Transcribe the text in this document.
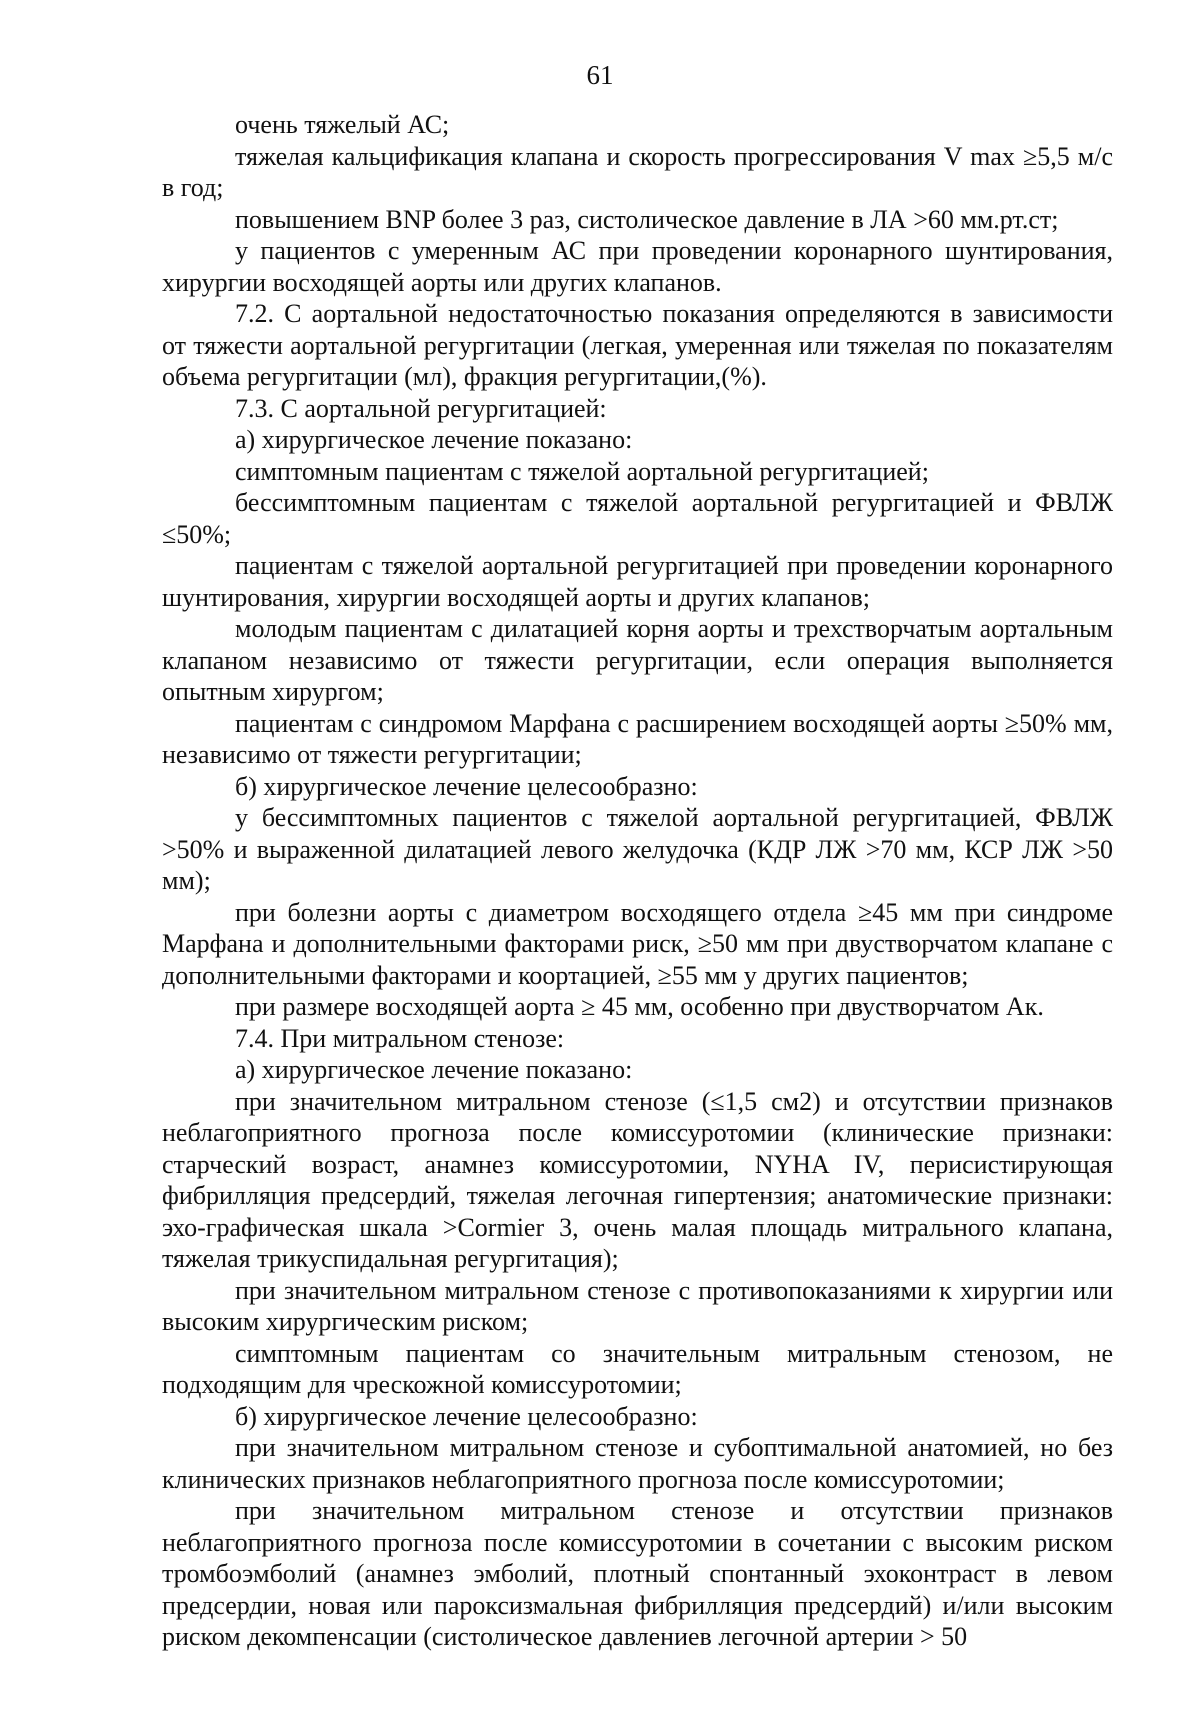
61

очень тяжелый АС;

тяжелая кальцификация клапана и скорость прогрессирования V max ≥5,5 м/с в год;

повышением BNP более 3 раз, систолическое давление в ЛА >60 мм.рт.ст;

у пациентов с умеренным АС при проведении коронарного шунтирования, хирургии восходящей аорты или других клапанов.

7.2. С аортальной недостаточностью показания определяются в зависимости от тяжести аортальной регургитации (легкая, умеренная или тяжелая по показателям объема регургитации (мл), фракция регургитации,(%).

7.3. С аортальной регургитацией:

а) хирургическое лечение показано:

симптомным пациентам с тяжелой аортальной регургитацией;

бессимптомным пациентам с тяжелой аортальной регургитацией и ФВЛЖ ≤50%;

пациентам с тяжелой аортальной регургитацией при проведении коронарного шунтирования, хирургии восходящей аорты и других клапанов;

молодым пациентам с дилатацией корня аорты и трехстворчатым аортальным клапаном независимо от тяжести регургитации, если операция выполняется опытным хирургом;

пациентам с синдромом Марфана с расширением восходящей аорты ≥50% мм, независимо от тяжести регургитации;

б) хирургическое лечение целесообразно:

у бессимптомных пациентов с тяжелой аортальной регургитацией, ФВЛЖ >50% и выраженной дилатацией левого желудочка (КДР ЛЖ >70 мм, КСР ЛЖ >50 мм);

при болезни аорты с диаметром восходящего отдела ≥45 мм при синдроме Марфана и дополнительными факторами риск, ≥50 мм при двустворчатом клапане с дополнительными факторами и коортацией, ≥55 мм у других пациентов;

при размере восходящей аорта ≥ 45 мм, особенно при двустворчатом Ак.

7.4. При митральном стенозе:

а) хирургическое лечение показано:

при значительном митральном стенозе (≤1,5 см2) и отсутствии признаков неблагоприятного прогноза после комиссуротомии (клинические признаки: старческий возраст, анамнез комиссуротомии, NYHA IV, перисистирующая фибрилляция предсердий, тяжелая легочная гипертензия; анатомические признаки: эхо-графическая шкала >Cormier 3, очень малая площадь митрального клапана, тяжелая трикуспидальная регургитация);

при значительном митральном стенозе с противопоказаниями к хирургии или высоким хирургическим риском;

симптомным пациентам со значительным митральным стенозом, не подходящим для чрескожной комиссуротомии;

б) хирургическое лечение целесообразно:

при значительном митральном стенозе и субоптимальной анатомией, но без клинических признаков неблагоприятного прогноза после комиссуротомии;

при значительном митральном стенозе и отсутствии признаков неблагоприятного прогноза после комиссуротомии в сочетании с высоким риском тромбоэмболий (анамнез эмболий, плотный спонтанный эхоконтраст в левом предсердии, новая или пароксизмальная фибрилляция предсердий) и/или высоким риском декомпенсации (систолическое давлениев легочной артерии > 50
